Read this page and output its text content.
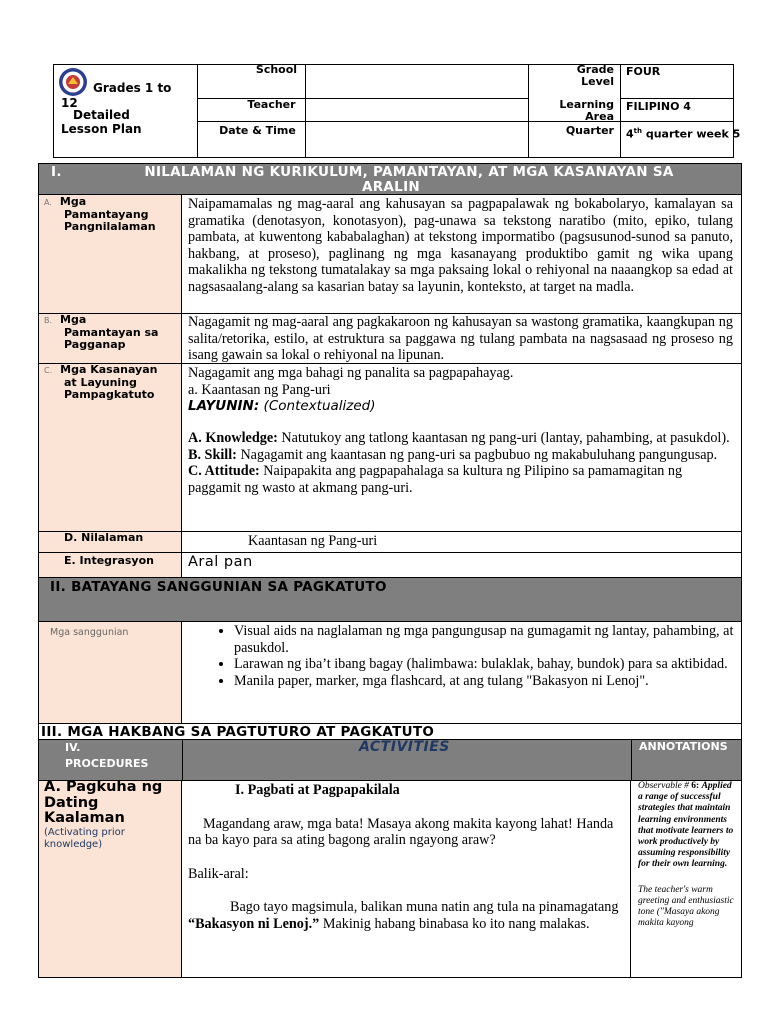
Grades 1 to
12
Detailed
Lesson Plan
School
Teacher
Date & Time
Grade
Level
FOUR
Learning
Area
FILIPINO 4
Quarter 4th quarter week 5
I.	NILALAMAN NG KURIKULUM, PAMANTAYAN, AT MGA KASANAYAN SA
ARALIN
A. Mga
Pamantayang
Pangnilalaman
Naipamamalas ng mag-aaral ang kahusayan sa pagpapalawak ng bokabolaryo, kamalayan sa gramatika (denotasyon, konotasyon), pag-unawa sa tekstong naratibo (mito, epiko, tulang pambata, at kuwentong kababalaghan) at tekstong impormatibo (pagsusunod-sunod sa panuto, hakbang, at proseso), paglinang ng mga kasanayang produktibo gamit ng wika upang makalikha ng tekstong tumatalakay sa mga paksaing lokal o rehiyonal na naaangkop sa edad at nagsasaalang-alang sa kasarian batay sa layunin, konteksto, at target na madla.
B. Mga
Pamantayan sa
Pagganap
Nagagamit ng mag-aaral ang pagkakaroon ng kahusayan sa wastong gramatika, kaangkupan ng salita/retorika, estilo, at estruktura sa paggawa ng tulang pambata na nagsasaad ng proseso ng isang gawain sa lokal o rehiyonal na lipunan.
C. Mga Kasanayan
at Layuning
Pampagkatuto

Nagagamit ang mga bahagi ng panalita sa pagpapahayag.

a. Kaantasan ng Pang-uri

LAYUNIN: (Contextualized)

A. Knowledge: Natutukoy ang tatlong kaantasan ng pang-uri (lantay, pahambing, at pasukdol).

B. Skill: Nagagamit ang kaantasan ng pang-uri sa pagbubuo ng makabuluhang pangungusap.

C. Attitude: Naipapakita ang pagpapahalaga sa kultura ng Pilipino sa pamamagitan ng paggamit ng wasto at akmang pang-uri.

D. Nilalaman	Kaantasan ng Pang-uri
E. Integrasyon Aral pan
II. BATAYANG SANGGUNIAN SA PAGKATUTO
Mga sanggunian
•	Visual aids na naglalaman ng mga pangungusap na gumagamit ng lantay, pahambing, at pasukdol.
• Larawan ng iba’t ibang bagay (halimbawa: bulaklak, bahay, bundok) para sa aktibidad.
• Manila paper, marker, mga flashcard, at ang tulang "Bakasyon ni Lenoj".
III. MGA HAKBANG SA PAGTUTURO AT PAGKATUTO
IV.
PROCEDURES
ACTIVITIES	ANNOTATIONS
A. Pagkuha ng
Dating
Kaalaman
(Activating prior knowledge)

I. Pagbati at Pagpapakilala

Magandang araw, mga bata! Masaya akong makita kayong lahat! Handa na ba kayo para sa ating bagong aralin ngayong araw?

Balik-aral:

Bago tayo magsimula, balikan muna natin ang tula na pinamagatang “Bakasyon ni Lenoj.” Makinig habang binabasa ko ito nang malakas.

Observable # 6: Applied a range of successful strategies that maintain learning environments that motivate learners to work productively by assuming responsibility for their own learning.
The teacher's warm greeting and enthusiastic tone ("Masaya akong makita kayong
